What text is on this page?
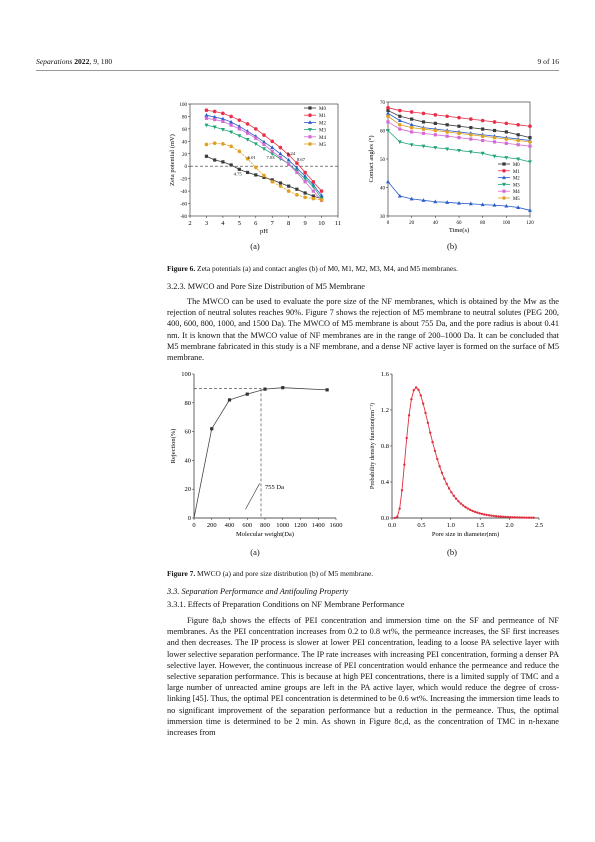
Separations 2022, 9, 180	9 of 16
2 3 4 5 6 7 8 9 10 11
100
80
60
40
20
0
-20
-40
-60
-80
pH
Zeta potential (mV)
M0
M1
M2
M3
M4
M5
4.75
6.01 7.03
8.24
8.67
0	20	40	60	80	100	120
30
40
50
60
70
Time(s)
Contact angles (°)	M0
M1
M2
M3
M4
M5
(a)	(b)
Figure 6. Zeta potentials (a) and contact angles (b) of M0, M1, M2, M3, M4, and M5 membranes.
3.2.3. MWCO and Pore Size Distribution of M5 Membrane
The MWCO can be used to evaluate the pore size of the NF membranes, which is obtained by the Mw as the rejection of neutral solutes reaches 90%. Figure 7 shows the rejection of M5 membrane to neutral solutes (PEG 200, 400, 600, 800, 1000, and 1500 Da). The MWCO of M5 membrane is about 755 Da, and the pore radius is about 0.41 nm. It is known that the MWCO value of NF membranes are in the range of 200–1000 Da. It can be concluded that M5 membrane fabricated in this study is a NF membrane, and a dense NF active layer is formed on the surface of M5 membrane.
0 200 400 600 800 1000 1200 1400 1600
0
20
40
60
80
100
Molecular weight(Da)
Rejection(%)
755 Da
0.0	0.5	1.0	1.5	2.0	2.5
0.0
0.4
0.8
1.2
1.6
Pore size in diameter(nm)
Probability density function(nm⁻¹)
(a)	(b)
Figure 7. MWCO (a) and pore size distribution (b) of M5 membrane.
3.3. Separation Performance and Antifouling Property
3.3.1. Effects of Preparation Conditions on NF Membrane Performance
Figure 8a,b shows the effects of PEI concentration and immersion time on the SF and permeance of NF membranes. As the PEI concentration increases from 0.2 to 0.8 wt%, the permeance increases, the SF first increases and then decreases. The IP process is slower at lower PEI concentration, leading to a loose PA selective layer with lower selective separation performance. The IP rate increases with increasing PEI concentration, forming a denser PA selective layer. However, the continuous increase of PEI concentration would enhance the permeance and reduce the selective separation performance. This is because at high PEI concentrations, there is a limited supply of TMC and a large number of unreacted amine groups are left in the PA active layer, which would reduce the degree of cross-linking [45]. Thus, the optimal PEI concentration is determined to be 0.6 wt%. Increasing the immersion time leads to no significant improvement of the separation performance but a reduction in the permeance. Thus, the optimal immersion time is determined to be 2 min. As shown in Figure 8c,d, as the concentration of TMC in n-hexane increases from
